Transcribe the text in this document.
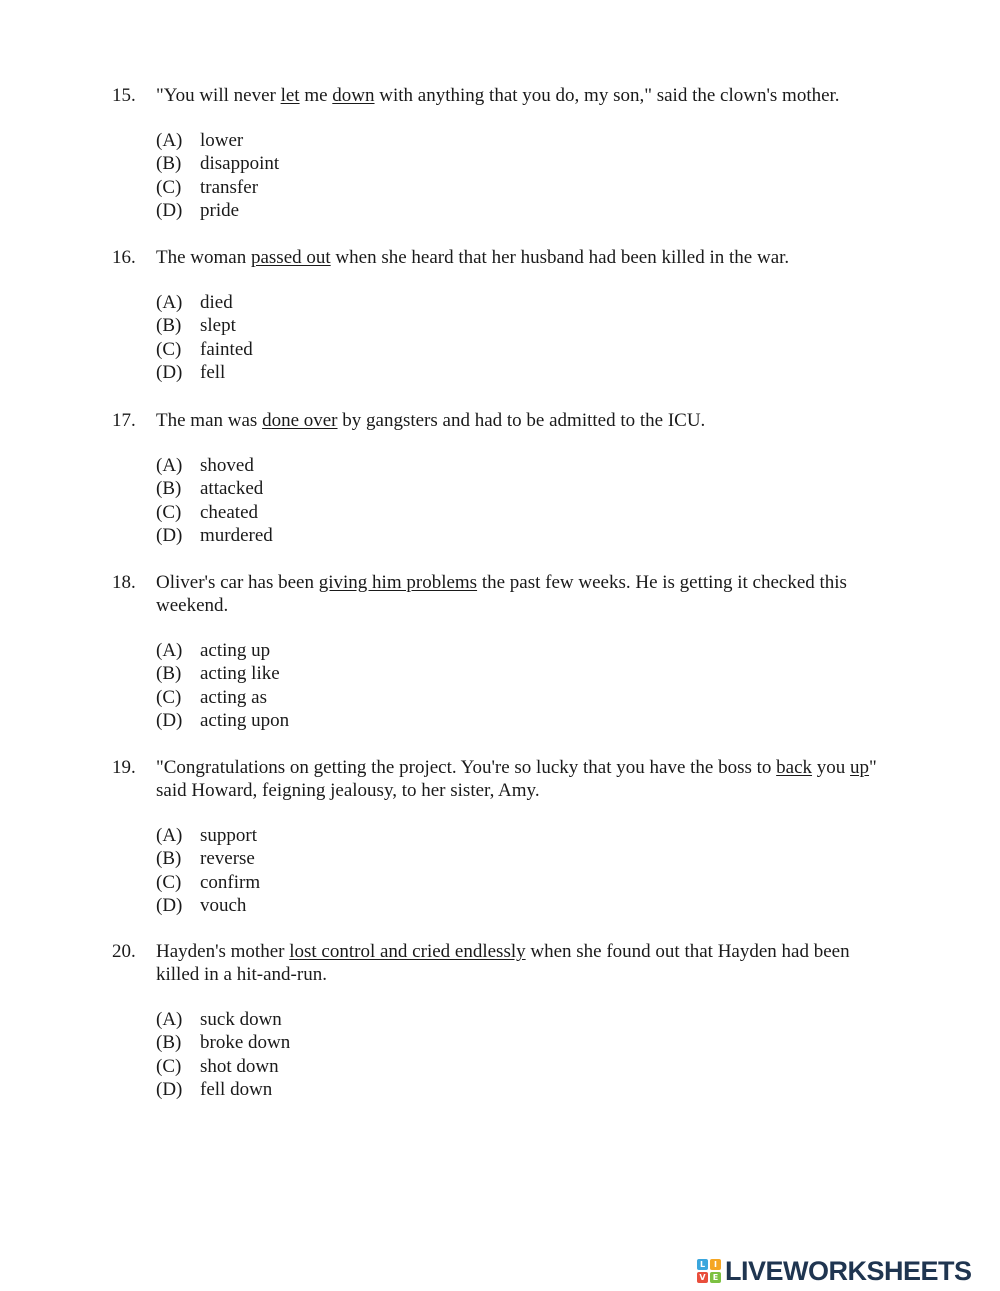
15. "You will never let me down with anything that you do, my son," said the clown's mother.
(A) lower
(B) disappoint
(C) transfer
(D) pride
16. The woman passed out when she heard that her husband had been killed in the war.
(A) died
(B) slept
(C) fainted
(D) fell
17. The man was done over by gangsters and had to be admitted to the ICU.
(A) shoved
(B) attacked
(C) cheated
(D) murdered
18. Oliver's car has been giving him problems the past few weeks. He is getting it checked this weekend.
(A) acting up
(B) acting like
(C) acting as
(D) acting upon
19. "Congratulations on getting the project. You're so lucky that you have the boss to back you up" said Howard, feigning jealousy, to her sister, Amy.
(A) support
(B) reverse
(C) confirm
(D) vouch
20. Hayden's mother lost control and cried endlessly when she found out that Hayden had been killed in a hit-and-run.
(A) suck down
(B) broke down
(C) shot down
(D) fell down
L	I
V E LIVEWORKSHEETS
